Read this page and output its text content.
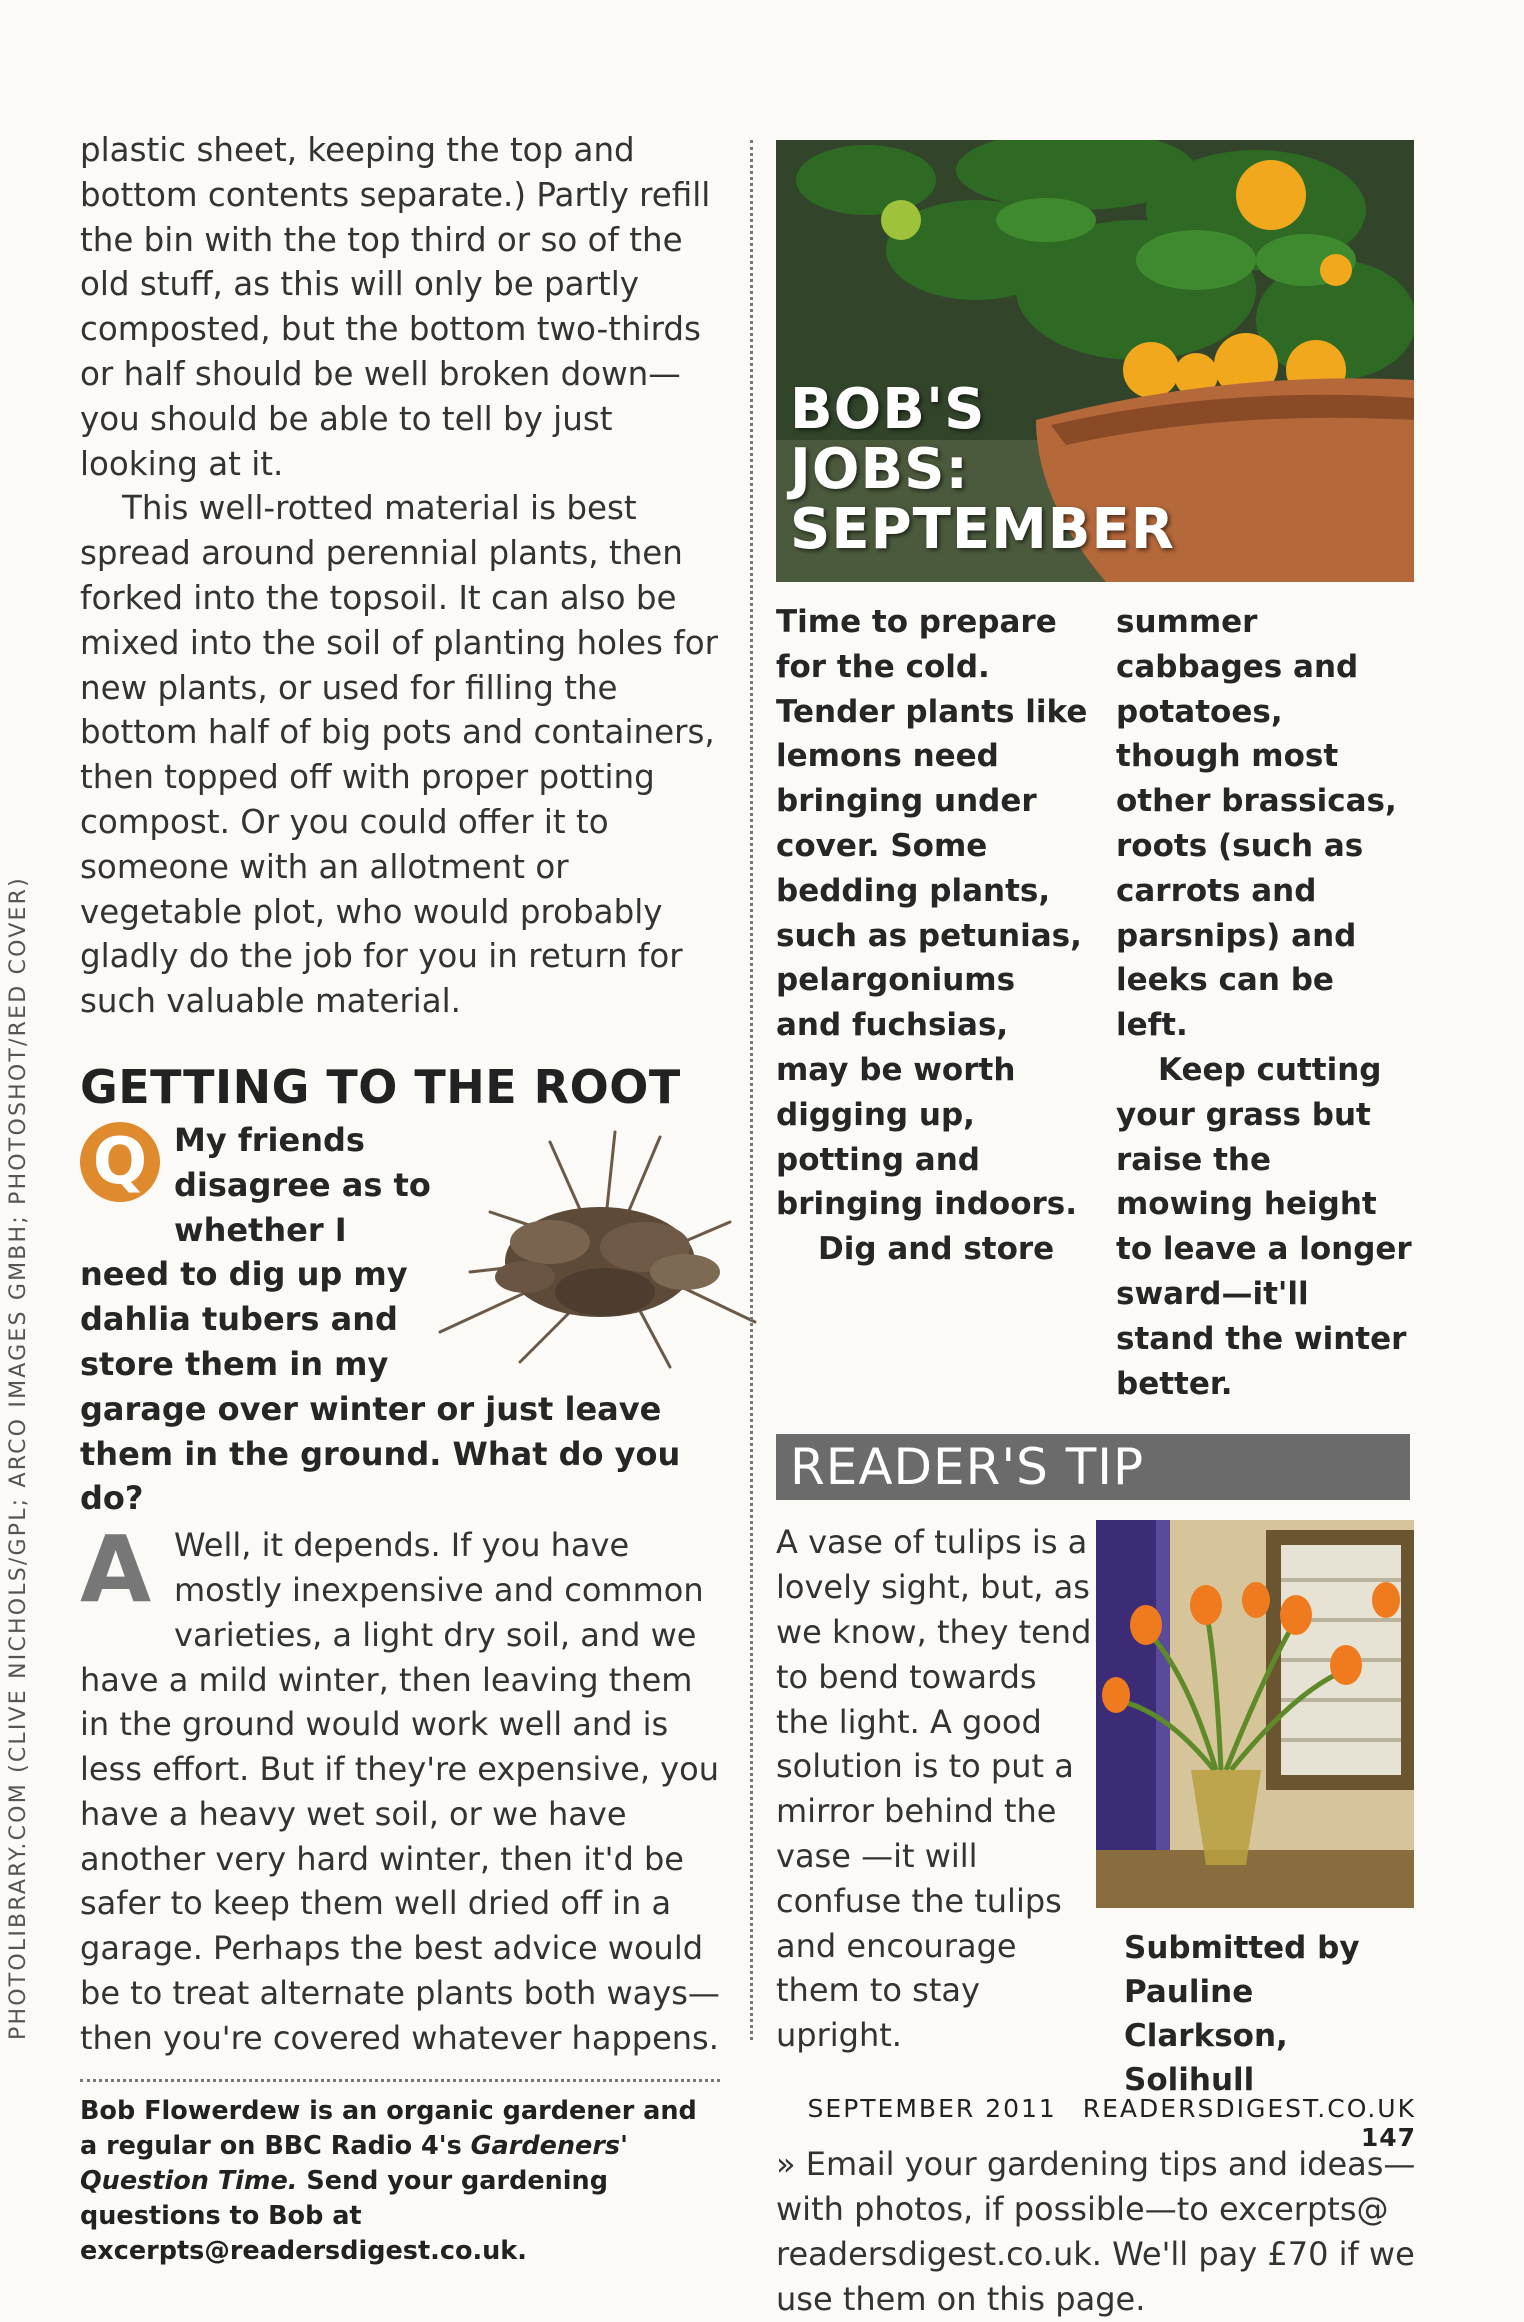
PHOTOLIBRARY.COM (CLIVE NICHOLS/GPL; ARCO IMAGES GMBH; PHOTOSHOT/RED COVER)

plastic sheet, keeping the top and bottom contents separate.) Partly refill the bin with the top third or so of the old stuff, as this will only be partly composted, but the bottom two-thirds or half should be well broken down—you should be able to tell by just looking at it.

This well-rotted material is best spread around perennial plants, then forked into the topsoil. It can also be mixed into the soil of planting holes for new plants, or used for filling the bottom half of big pots and containers, then topped off with proper potting compost. Or you could offer it to someone with an allotment or vegetable plot, who would probably gladly do the job for you in return for such valuable material.

GETTING TO THE ROOT
Q My friends disagree as to whether I need to dig up my dahlia tubers and store them in my garage over winter or just leave them in the ground. What do you do?
A Well, it depends. If you have mostly inexpensive and common varieties, a light dry soil, and we have a mild winter, then leaving them in the ground would work well and is less effort. But if they're expensive, you have a heavy wet soil, or we have another very hard winter, then it'd be safer to keep them well dried off in a garage. Perhaps the best advice would be to treat alternate plants both ways—then you're covered whatever happens.
Bob Flowerdew is an organic gardener and a regular on BBC Radio 4's Gardeners' Question Time. Send your gardening questions to Bob at excerpts@readersdigest.co.uk.
BOB'S
JOBS:
SEPTEMBER

Time to prepare for the cold. Tender plants like lemons need bringing under cover. Some bedding plants, such as petunias, pelargoniums and fuchsias, may be worth digging up, potting and bringing indoors.

Dig and store

summer cabbages and potatoes, though most other brassicas, roots (such as carrots and parsnips) and leeks can be left.

Keep cutting your grass but raise the mowing height to leave a longer sward—it'll stand the winter better.

READER'S TIP
A vase of tulips is a lovely sight, but, as we know, they tend to bend towards the light. A good solution is to put a mirror behind the vase —it will confuse the tulips and encourage them to stay upright.
Submitted by
Pauline Clarkson,
Solihull
» Email your gardening tips and ideas—with photos, if possible—to excerpts@ readersdigest.co.uk. We'll pay £70 if we use them on this page.
SEPTEMBER 2011 READERSDIGEST.CO.UK 147
